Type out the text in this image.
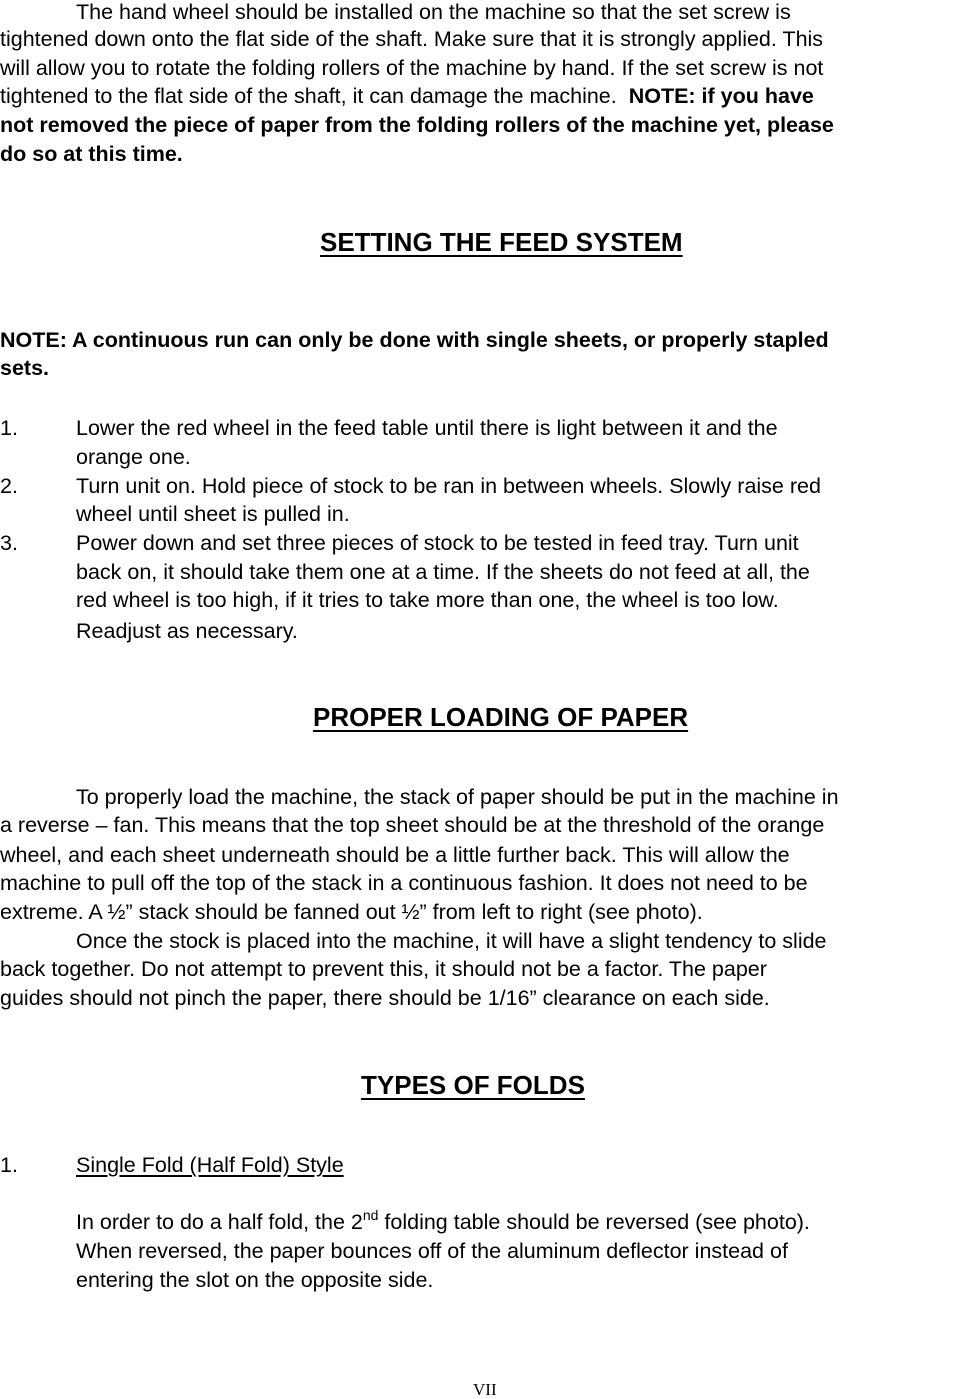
The hand wheel should be installed on the machine so that the set screw is
tightened down onto the flat side of the shaft. Make sure that it is strongly applied. This
will allow you to rotate the folding rollers of the machine by hand. If the set screw is not
tightened to the flat side of the shaft, it can damage the machine. NOTE: if you have
not removed the piece of paper from the folding rollers of the machine yet, please
do so at this time.
SETTING THE FEED SYSTEM
NOTE: A continuous run can only be done with single sheets, or properly stapled
sets.
1.	Lower the red wheel in the feed table until there is light between it and the
orange one.
2.	Turn unit on. Hold piece of stock to be ran in between wheels. Slowly raise red
wheel until sheet is pulled in.
3.	Power down and set three pieces of stock to be tested in feed tray. Turn unit
back on, it should take them one at a time. If the sheets do not feed at all, the
red wheel is too high, if it tries to take more than one, the wheel is too low.
Readjust as necessary.
PROPER LOADING OF PAPER
To properly load the machine, the stack of paper should be put in the machine in
a reverse – fan. This means that the top sheet should be at the threshold of the orange
wheel, and each sheet underneath should be a little further back. This will allow the
machine to pull off the top of the stack in a continuous fashion. It does not need to be
extreme. A ½” stack should be fanned out ½” from left to right (see photo).
Once the stock is placed into the machine, it will have a slight tendency to slide
back together. Do not attempt to prevent this, it should not be a factor. The paper
guides should not pinch the paper, there should be 1/16” clearance on each side.
TYPES OF FOLDS
1.	Single Fold (Half Fold) Style
In order to do a half fold, the 2nd folding table should be reversed (see photo).
When reversed, the paper bounces off of the aluminum deflector instead of
entering the slot on the opposite side.
VII
